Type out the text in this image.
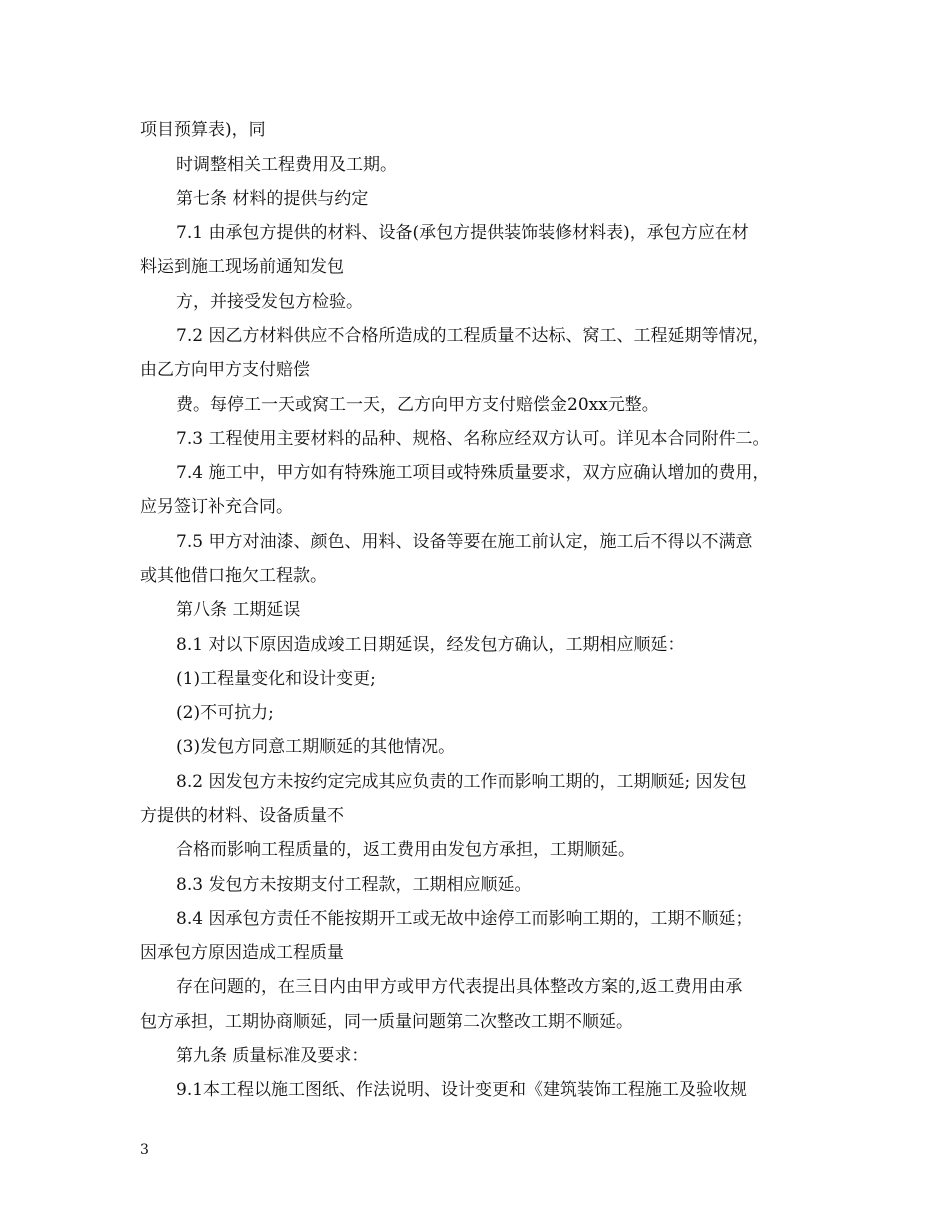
项目预算表)，同
时调整相关工程费用及工期。
第七条 材料的提供与约定
7.1 由承包方提供的材料、设备(承包方提供装饰装修材料表)，承包方应在材
料运到施工现场前通知发包
方，并接受发包方检验。
7.2 因乙方材料供应不合格所造成的工程质量不达标、窝工、工程延期等情况，
由乙方向甲方支付赔偿
费。每停工一天或窝工一天，乙方向甲方支付赔偿金20xx元整。
7.3 工程使用主要材料的品种、规格、名称应经双方认可。详见本合同附件二。
7.4 施工中，甲方如有特殊施工项目或特殊质量要求，双方应确认增加的费用，
应另签订补充合同。
7.5 甲方对油漆、颜色、用料、设备等要在施工前认定，施工后不得以不满意
或其他借口拖欠工程款。
第八条 工期延误
8.1 对以下原因造成竣工日期延误，经发包方确认，工期相应顺延：
(1)工程量变化和设计变更;
(2)不可抗力;
(3)发包方同意工期顺延的其他情况。
8.2 因发包方未按约定完成其应负责的工作而影响工期的，工期顺延; 因发包
方提供的材料、设备质量不
合格而影响工程质量的，返工费用由发包方承担，工期顺延。
8.3 发包方未按期支付工程款，工期相应顺延。
8.4 因承包方责任不能按期开工或无故中途停工而影响工期的，工期不顺延；
因承包方原因造成工程质量
存在问题的，在三日内由甲方或甲方代表提出具体整改方案的,返工费用由承
包方承担，工期协商顺延，同一质量问题第二次整改工期不顺延。
第九条 质量标准及要求：
9.1本工程以施工图纸、作法说明、设计变更和《建筑装饰工程施工及验收规
3
